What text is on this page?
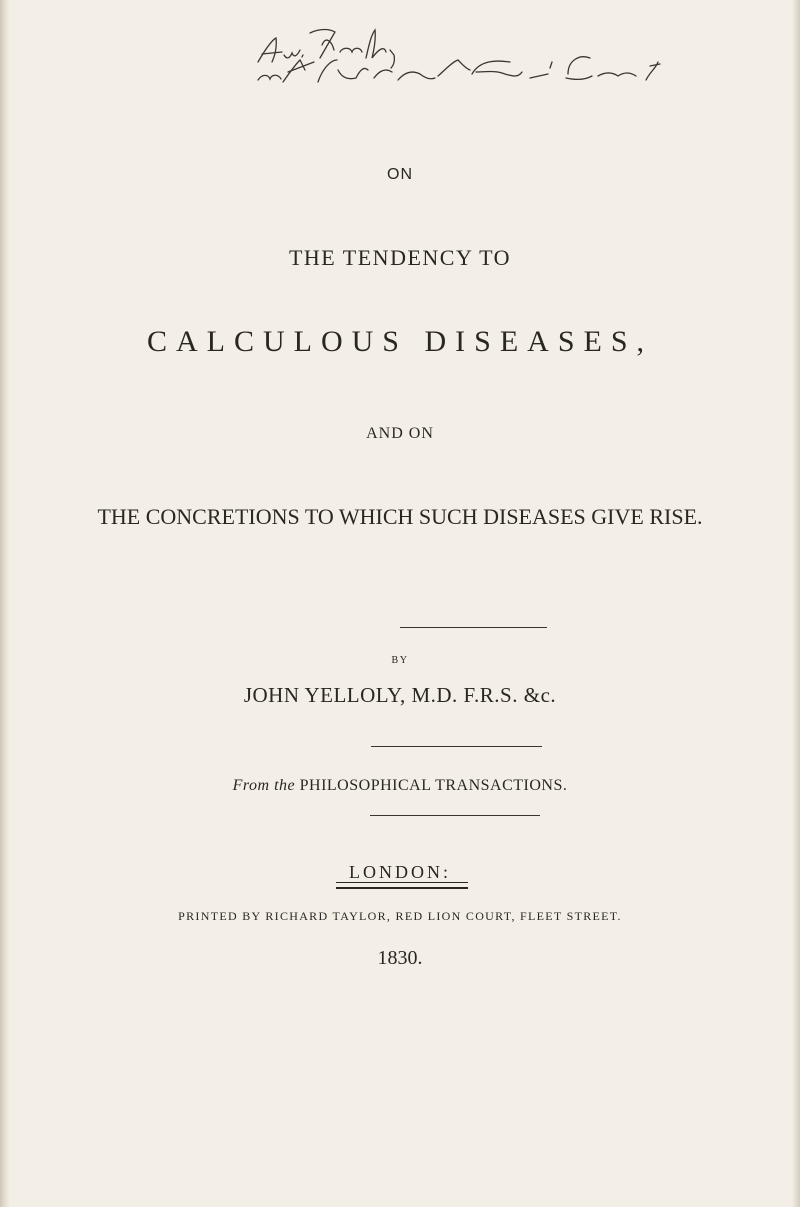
ON
THE TENDENCY TO
CALCULOUS DISEASES,
AND ON
THE CONCRETIONS TO WHICH SUCH DISEASES GIVE RISE.
BY
JOHN YELLOLY, M.D. F.R.S. &c.
From the PHILOSOPHICAL TRANSACTIONS.
LONDON:
PRINTED BY RICHARD TAYLOR, RED LION COURT, FLEET STREET.
1830.
